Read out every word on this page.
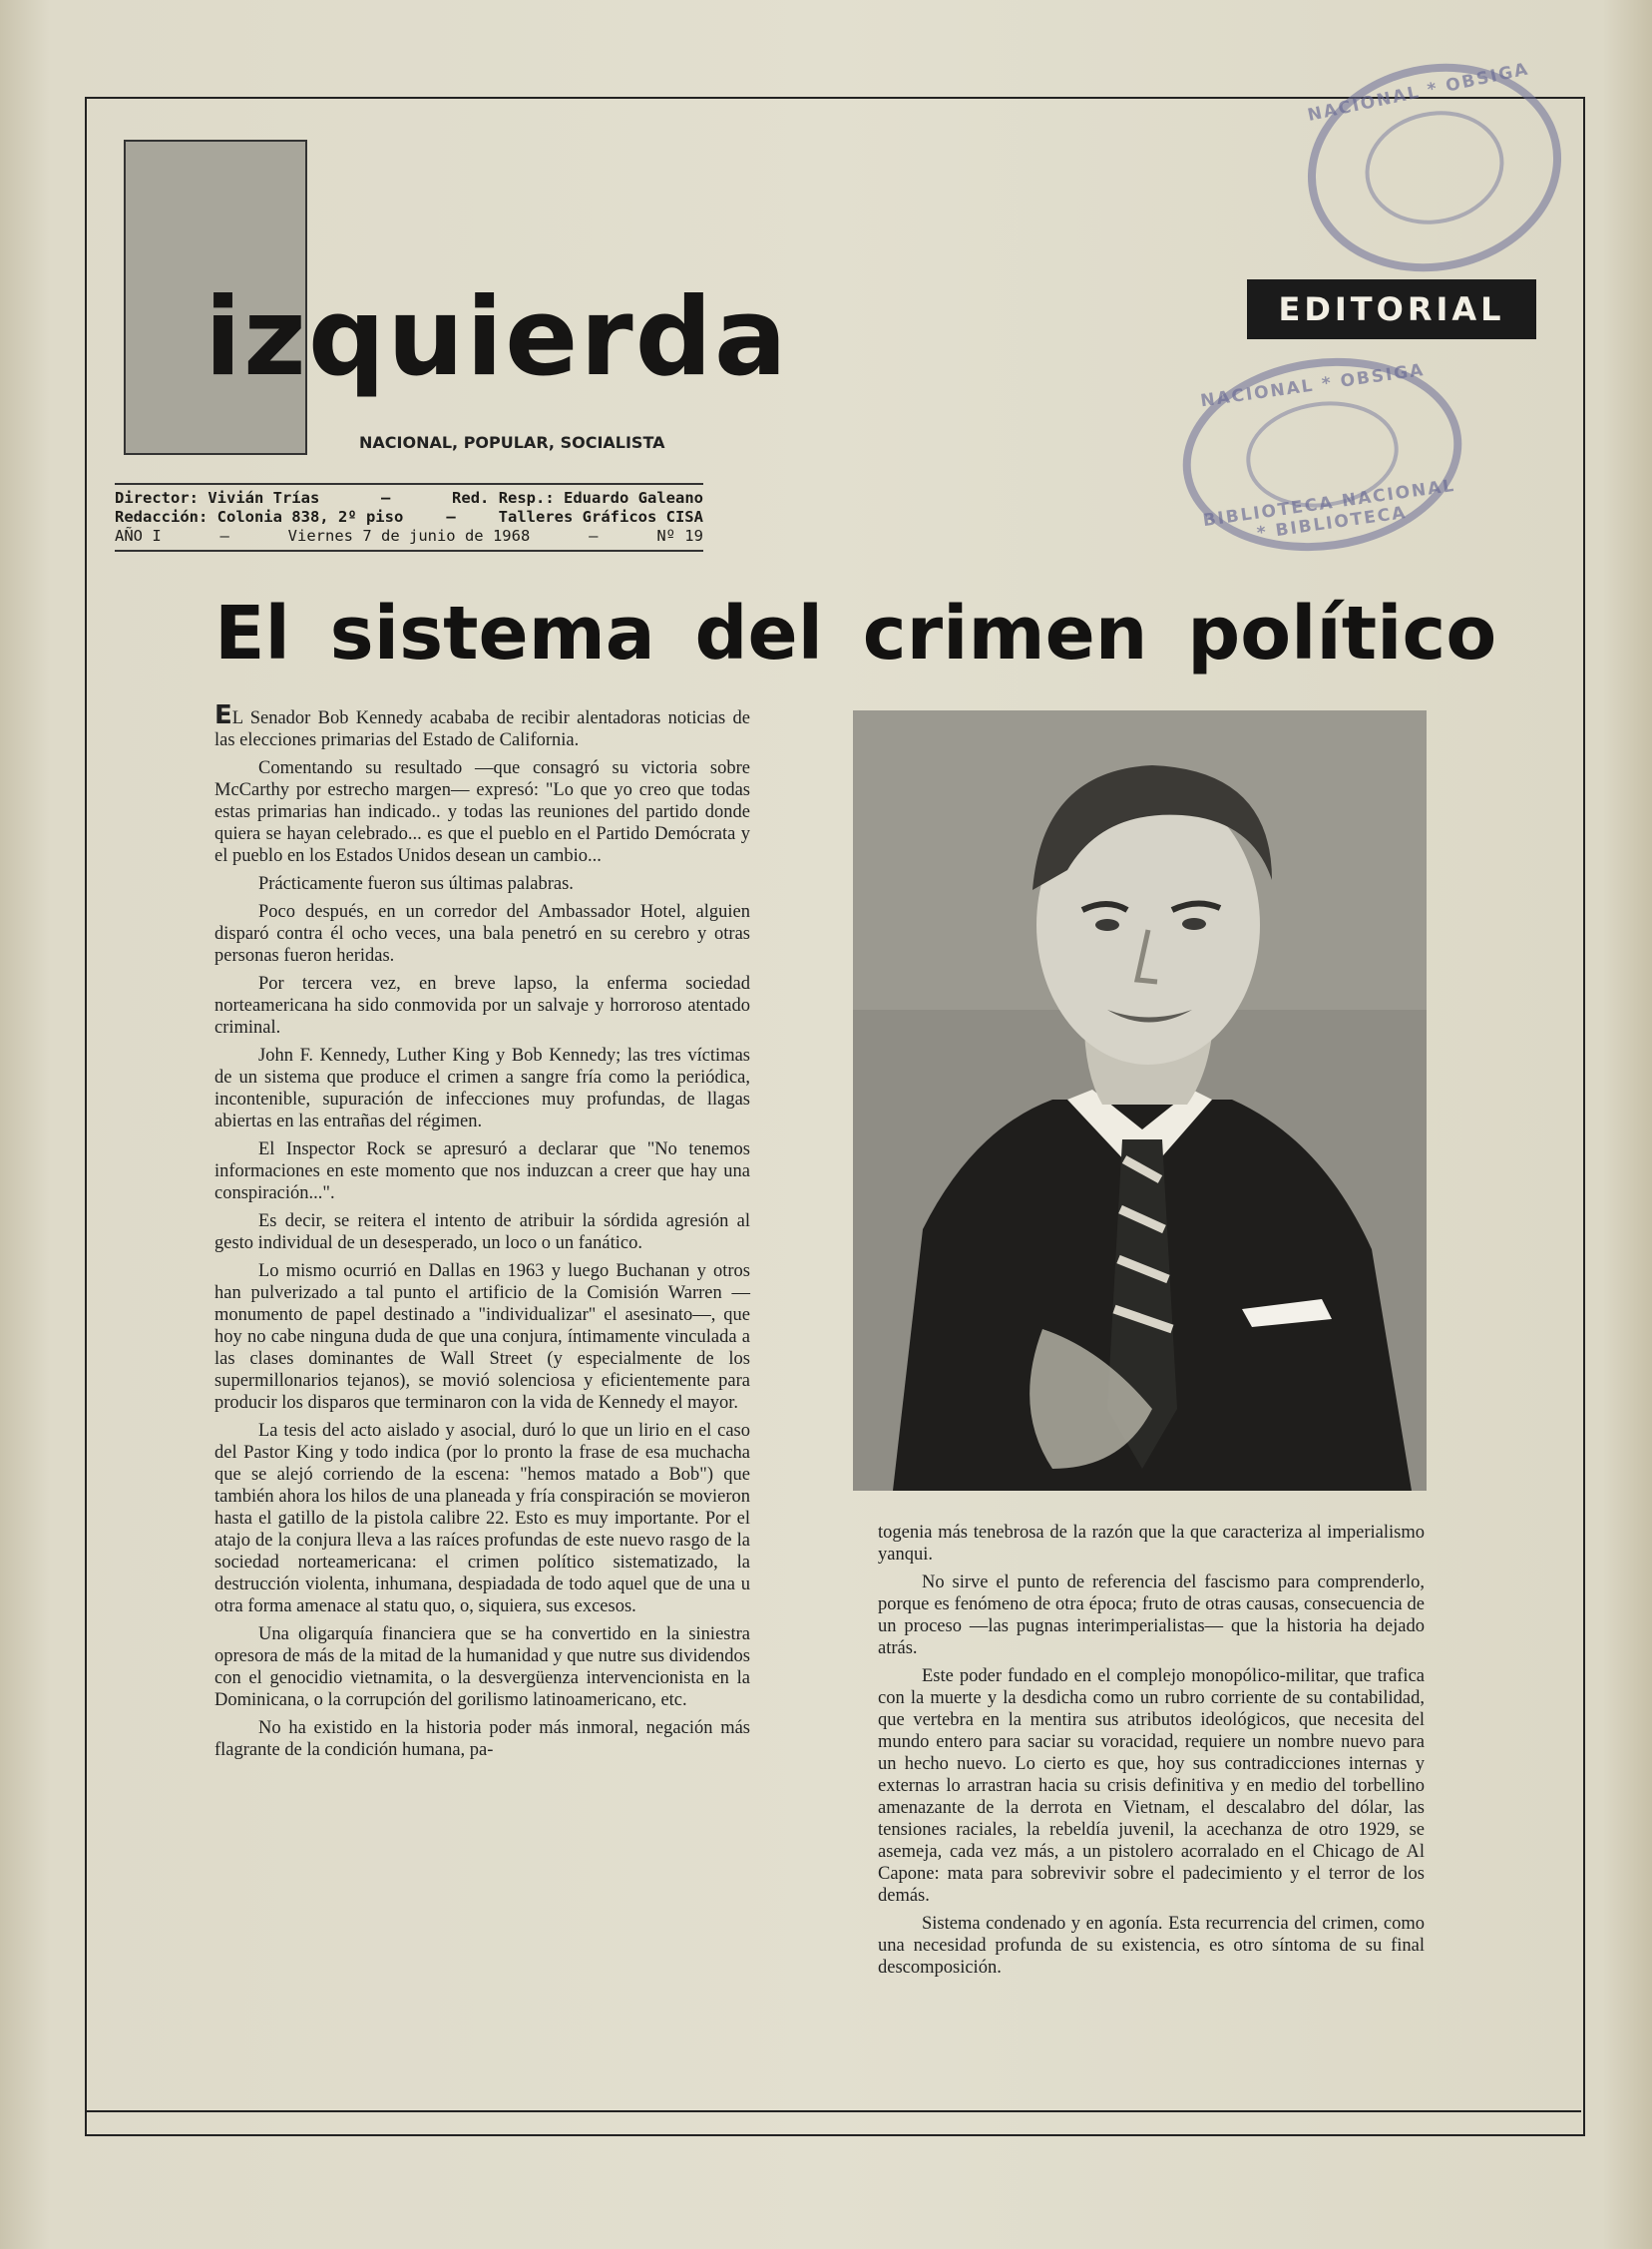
izquierda
NACIONAL, POPULAR, SOCIALISTA
Director: Vivián Trías	—	Red. Resp.: Eduardo Galeano
Redacción: Colonia 838, 2º piso	—	Talleres Gráficos CISA
AÑO I	—	Viernes 7 de junio de 1968	—	Nº 19
NACIONAL * OBSIGA
EDITORIAL
NACIONAL * OBSIGA
BIBLIOTECA NACIONAL * BIBLIOTECA
El sistema del crimen político

EL Senador Bob Kennedy acababa de recibir alentadoras noticias de las elecciones primarias del Estado de California.

Comentando su resultado —que consagró su victoria sobre McCarthy por estrecho margen— expresó: "Lo que yo creo que todas estas primarias han indicado.. y todas las reuniones del partido donde quiera se hayan celebrado... es que el pueblo en el Partido Demócrata y el pueblo en los Estados Unidos desean un cambio...

Prácticamente fueron sus últimas palabras.

Poco después, en un corredor del Ambassador Hotel, alguien disparó contra él ocho veces, una bala penetró en su cerebro y otras personas fueron heridas.

Por tercera vez, en breve lapso, la enferma sociedad norteamericana ha sido conmovida por un salvaje y horroroso atentado criminal.

John F. Kennedy, Luther King y Bob Kennedy; las tres víctimas de un sistema que produce el crimen a sangre fría como la periódica, incontenible, supuración de infecciones muy profundas, de llagas abiertas en las entrañas del régimen.

El Inspector Rock se apresuró a declarar que "No tenemos informaciones en este momento que nos induzcan a creer que hay una conspiración...".

Es decir, se reitera el intento de atribuir la sórdida agresión al gesto individual de un desesperado, un loco o un fanático.

Lo mismo ocurrió en Dallas en 1963 y luego Buchanan y otros han pulverizado a tal punto el artificio de la Comisión Warren —monumento de papel destinado a "individualizar" el asesinato—, que hoy no cabe ninguna duda de que una conjura, íntimamente vinculada a las clases dominantes de Wall Street (y especialmente de los supermillonarios tejanos), se movió solenciosa y eficientemente para producir los disparos que terminaron con la vida de Kennedy el mayor.

La tesis del acto aislado y asocial, duró lo que un lirio en el caso del Pastor King y todo indica (por lo pronto la frase de esa muchacha que se alejó corriendo de la escena: "hemos matado a Bob") que también ahora los hilos de una planeada y fría conspiración se movieron hasta el gatillo de la pistola calibre 22. Esto es muy importante. Por el atajo de la conjura lleva a las raíces profundas de este nuevo rasgo de la sociedad norteamericana: el crimen político sistematizado, la destrucción violenta, inhumana, despiadada de todo aquel que de una u otra forma amenace al statu quo, o, siquiera, sus excesos.

Una oligarquía financiera que se ha convertido en la siniestra opresora de más de la mitad de la humanidad y que nutre sus dividendos con el genocidio vietnamita, o la desvergüenza intervencionista en la Dominicana, o la corrupción del gorilismo latinoamericano, etc.

No ha existido en la historia poder más inmoral, negación más flagrante de la condición humana, pa-

togenia más tenebrosa de la razón que la que caracteriza al imperialismo yanqui.

No sirve el punto de referencia del fascismo para comprenderlo, porque es fenómeno de otra época; fruto de otras causas, consecuencia de un proceso —las pugnas interimperialistas— que la historia ha dejado atrás.

Este poder fundado en el complejo monopólico-militar, que trafica con la muerte y la desdicha como un rubro corriente de su contabilidad, que vertebra en la mentira sus atributos ideológicos, que necesita del mundo entero para saciar su voracidad, requiere un nombre nuevo para un hecho nuevo. Lo cierto es que, hoy sus contradicciones internas y externas lo arrastran hacia su crisis definitiva y en medio del torbellino amenazante de la derrota en Vietnam, el descalabro del dólar, las tensiones raciales, la rebeldía juvenil, la acechanza de otro 1929, se asemeja, cada vez más, a un pistolero acorralado en el Chicago de Al Capone: mata para sobrevivir sobre el padecimiento y el terror de los demás.

Sistema condenado y en agonía. Esta recurrencia del crimen, como una necesidad profunda de su existencia, es otro síntoma de su final descomposición.
